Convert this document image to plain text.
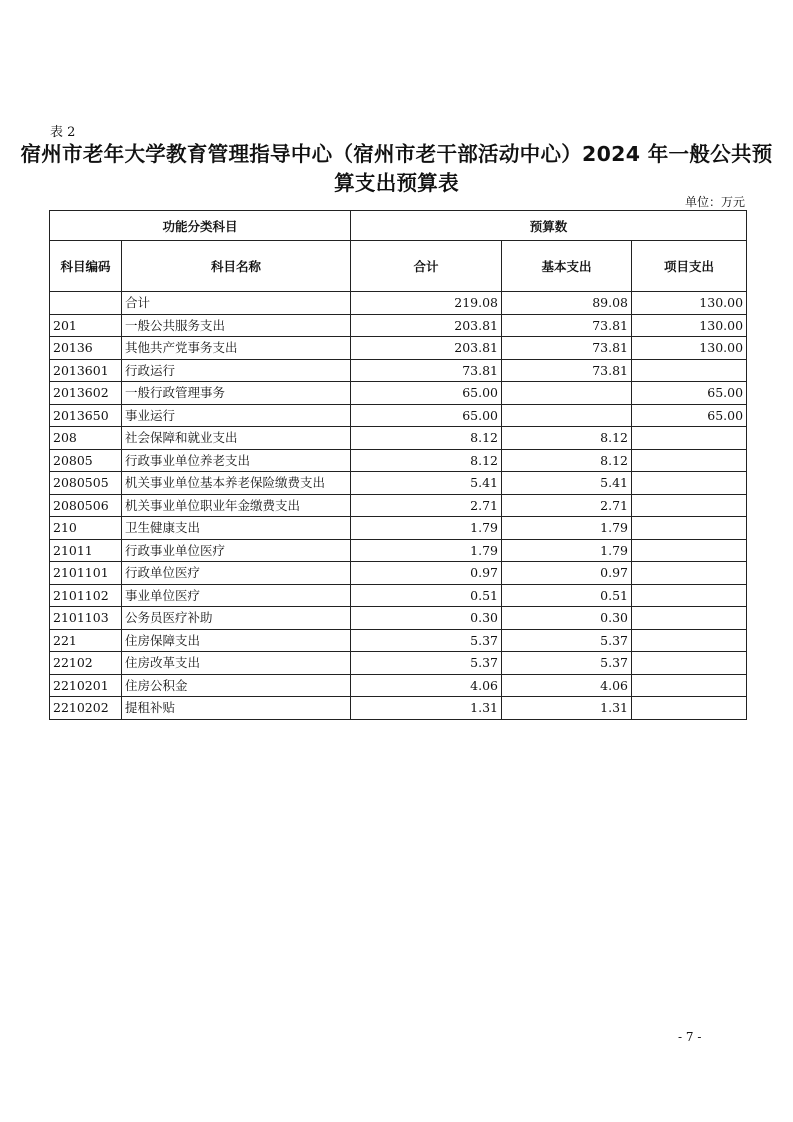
表 2
宿州市老年大学教育管理指导中心（宿州市老干部活动中心）2024 年一般公共预算支出预算表
单位：万元
功能分类科目		预算数		
科目编码	科目名称	合计	基本支出	项目支出
	合计	219.08	89.08	130.00
201	一般公共服务支出	203.81	73.81	130.00
20136	其他共产党事务支出	203.81	73.81	130.00
2013601	行政运行	73.81	73.81	
2013602	一般行政管理事务	65.00		65.00
2013650	事业运行	65.00		65.00
208	社会保障和就业支出	8.12	8.12	
20805	行政事业单位养老支出	8.12	8.12	
2080505	机关事业单位基本养老保险缴费支出	5.41	5.41	
2080506	机关事业单位职业年金缴费支出	2.71	2.71	
210	卫生健康支出	1.79	1.79	
21011	行政事业单位医疗	1.79	1.79	
2101101	行政单位医疗	0.97	0.97	
2101102	事业单位医疗	0.51	0.51	
2101103	公务员医疗补助	0.30	0.30	
221	住房保障支出	5.37	5.37	
22102	住房改革支出	5.37	5.37	
2210201	住房公积金	4.06	4.06	
2210202	提租补贴	1.31	1.31	
- 7 -
